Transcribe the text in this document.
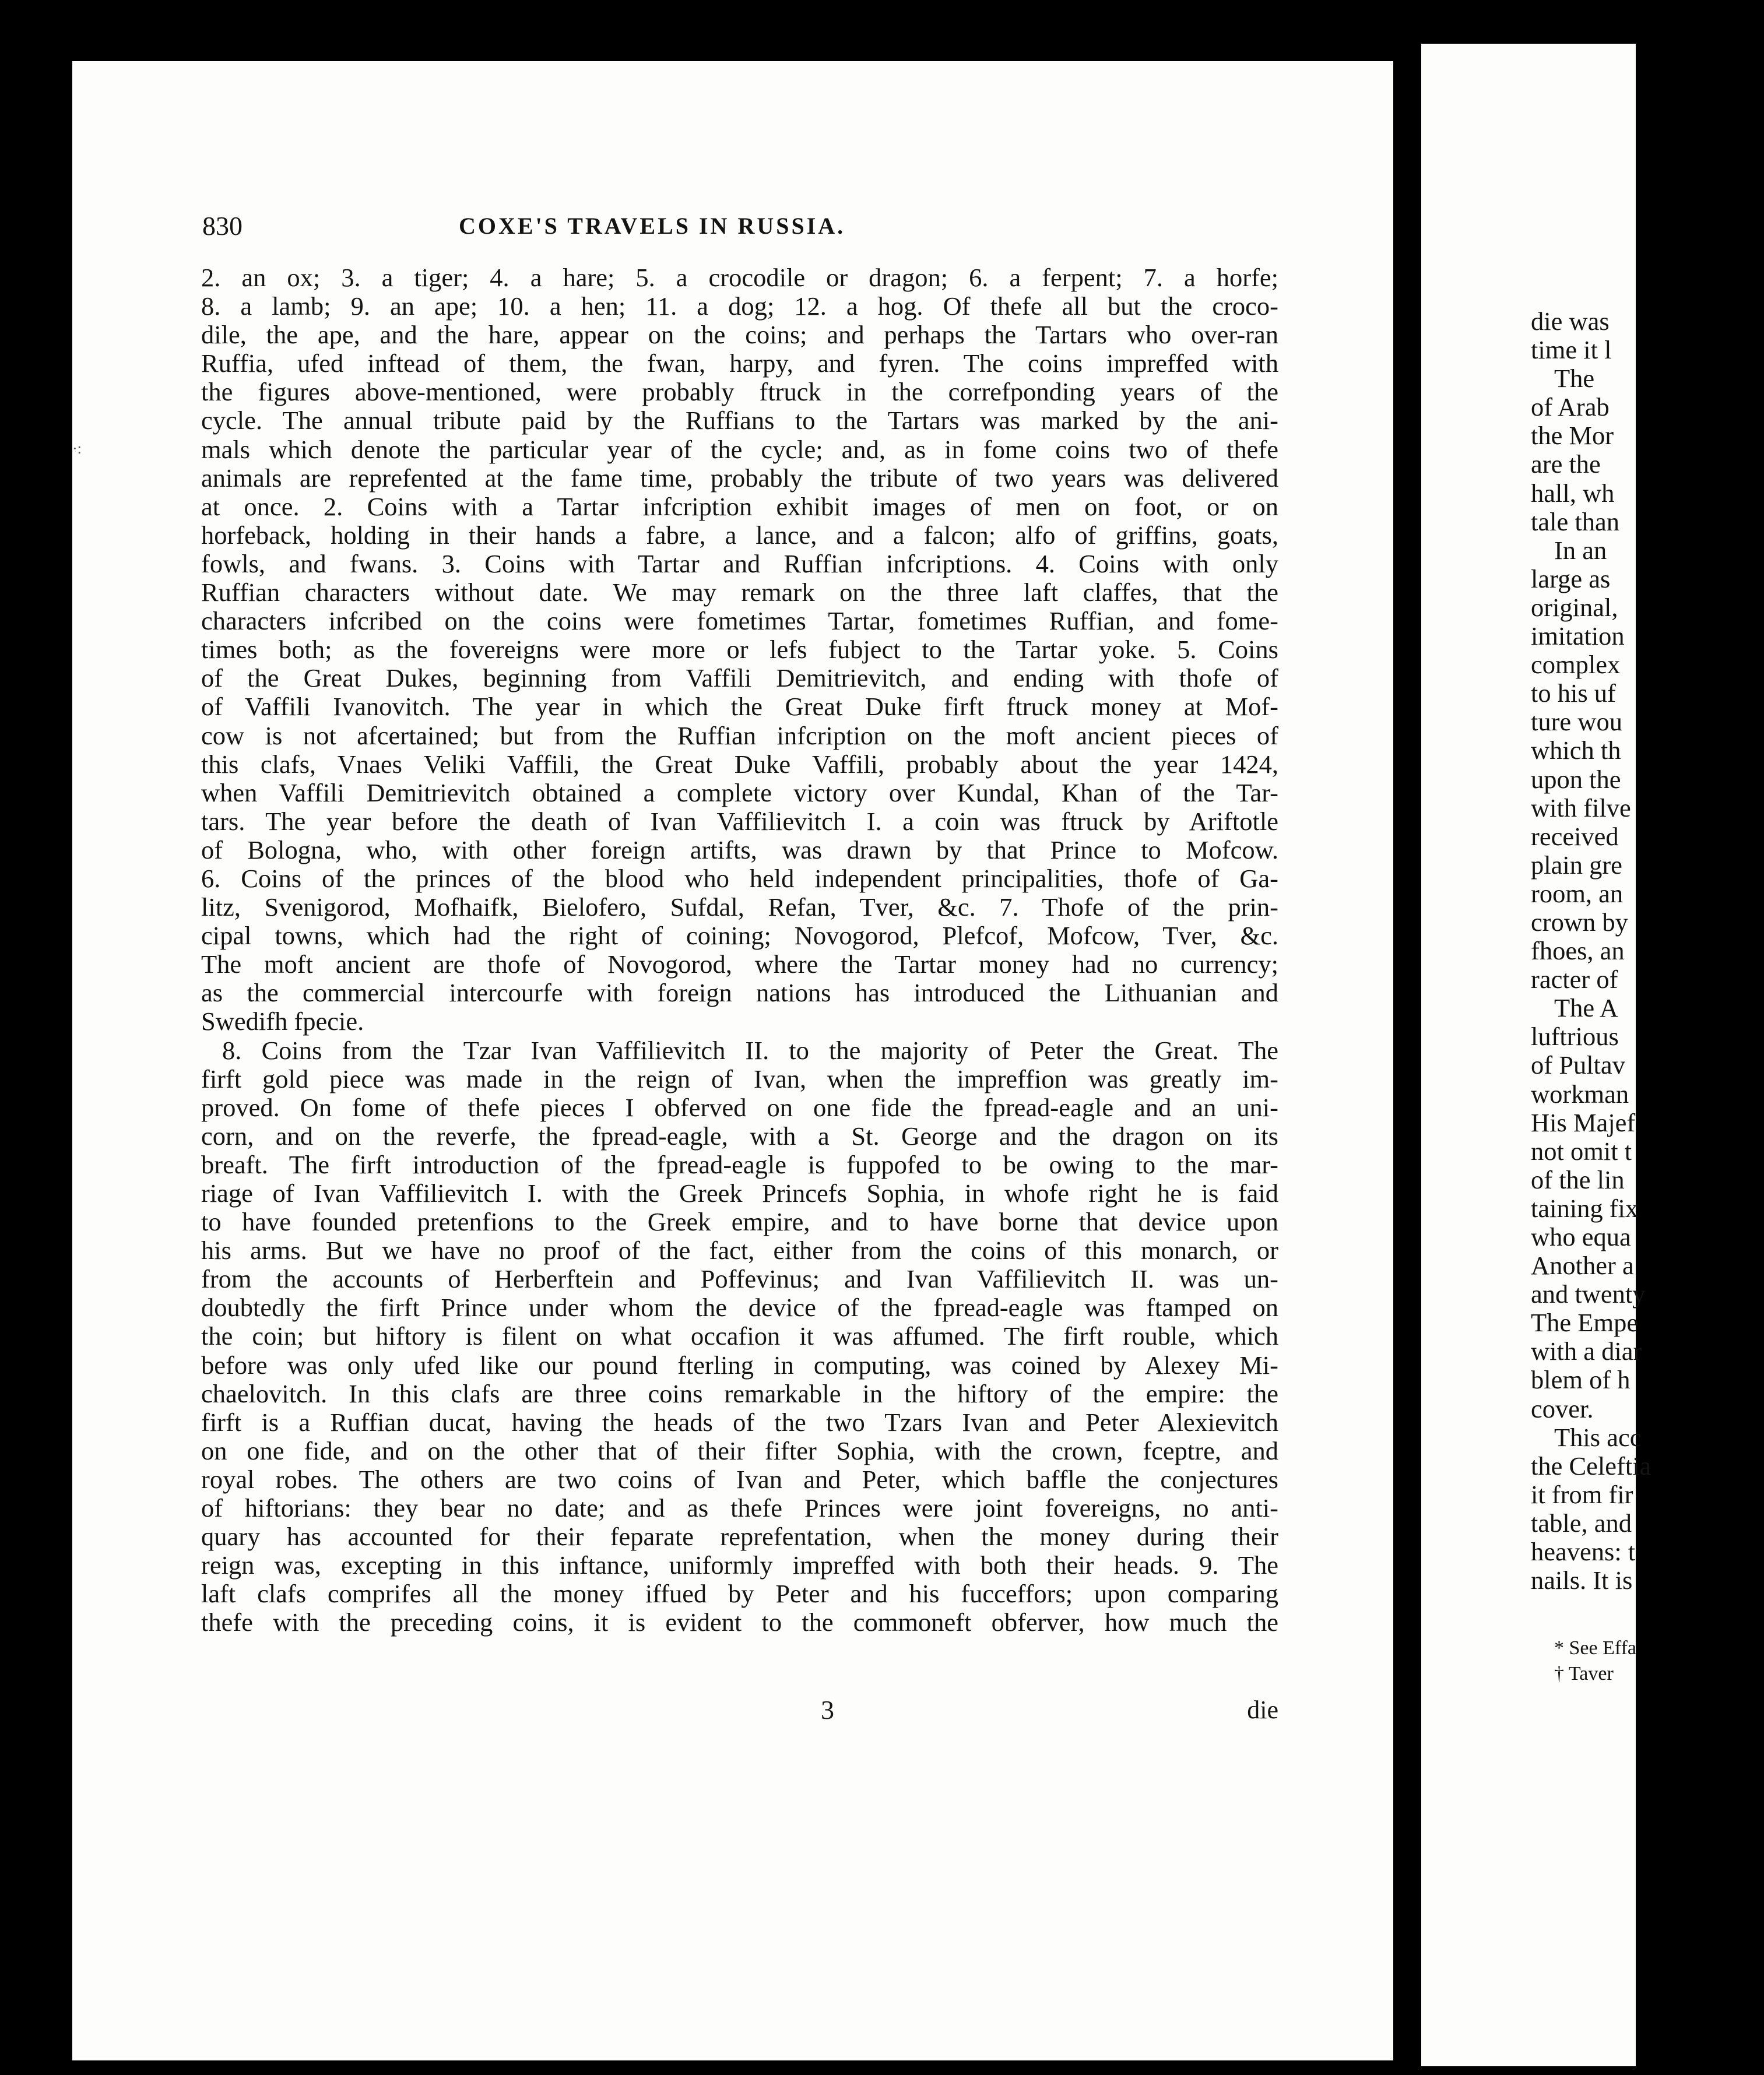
·:
830	COXE'S TRAVELS IN RUSSIA.
2. an ox; 3. a tiger; 4. a hare; 5. a crocodile or dragon; 6. a ferpent; 7. a horfe;
8. a lamb; 9. an ape; 10. a hen; 11. a dog; 12. a hog. Of thefe all but the croco-
dile, the ape, and the hare, appear on the coins; and perhaps the Tartars who over-ran
Ruffia, ufed inftead of them, the fwan, harpy, and fyren. The coins impreffed with
the figures above-mentioned, were probably ftruck in the correfponding years of the
cycle. The annual tribute paid by the Ruffians to the Tartars was marked by the ani-
mals which denote the particular year of the cycle; and, as in fome coins two of thefe
animals are reprefented at the fame time, probably the tribute of two years was delivered
at once. 2. Coins with a Tartar infcription exhibit images of men on foot, or on
horfeback, holding in their hands a fabre, a lance, and a falcon; alfo of griffins, goats,
fowls, and fwans. 3. Coins with Tartar and Ruffian infcriptions. 4. Coins with only
Ruffian characters without date. We may remark on the three laft claffes, that the
characters infcribed on the coins were fometimes Tartar, fometimes Ruffian, and fome-
times both; as the fovereigns were more or lefs fubject to the Tartar yoke. 5. Coins
of the Great Dukes, beginning from Vaffili Demitrievitch, and ending with thofe of
of Vaffili Ivanovitch. The year in which the Great Duke firft ftruck money at Mof-
cow is not afcertained; but from the Ruffian infcription on the moft ancient pieces of
this clafs, Vnaes Veliki Vaffili, the Great Duke Vaffili, probably about the year 1424,
when Vaffili Demitrievitch obtained a complete victory over Kundal, Khan of the Tar-
tars. The year before the death of Ivan Vaffilievitch I. a coin was ftruck by Ariftotle
of Bologna, who, with other foreign artifts, was drawn by that Prince to Mofcow.
6. Coins of the princes of the blood who held independent principalities, thofe of Ga-
litz, Svenigorod, Mofhaifk, Bielofero, Sufdal, Refan, Tver, &c. 7. Thofe of the prin-
cipal towns, which had the right of coining; Novogorod, Plefcof, Mofcow, Tver, &c.
The moft ancient are thofe of Novogorod, where the Tartar money had no currency;
as the commercial intercourfe with foreign nations has introduced the Lithuanian and
Swedifh fpecie.
8. Coins from the Tzar Ivan Vaffilievitch II. to the majority of Peter the Great. The
firft gold piece was made in the reign of Ivan, when the impreffion was greatly im-
proved. On fome of thefe pieces I obferved on one fide the fpread-eagle and an uni-
corn, and on the reverfe, the fpread-eagle, with a St. George and the dragon on its
breaft. The firft introduction of the fpread-eagle is fuppofed to be owing to the mar-
riage of Ivan Vaffilievitch I. with the Greek Princefs Sophia, in whofe right he is faid
to have founded pretenfions to the Greek empire, and to have borne that device upon
his arms. But we have no proof of the fact, either from the coins of this monarch, or
from the accounts of Herberftein and Poffevinus; and Ivan Vaffilievitch II. was un-
doubtedly the firft Prince under whom the device of the fpread-eagle was ftamped on
the coin; but hiftory is filent on what occafion it was affumed. The firft rouble, which
before was only ufed like our pound fterling in computing, was coined by Alexey Mi-
chaelovitch. In this clafs are three coins remarkable in the hiftory of the empire: the
firft is a Ruffian ducat, having the heads of the two Tzars Ivan and Peter Alexievitch
on one fide, and on the other that of their fifter Sophia, with the crown, fceptre, and
royal robes. The others are two coins of Ivan and Peter, which baffle the conjectures
of hiftorians: they bear no date; and as thefe Princes were joint fovereigns, no anti-
quary has accounted for their feparate reprefentation, when the money during their
reign was, excepting in this inftance, uniformly impreffed with both their heads. 9. The
laft clafs comprifes all the money iffued by Peter and his fucceffors; upon comparing
thefe with the preceding coins, it is evident to the commoneft obferver, how much the
3	die
die was
time it l
The
of Arab
the Mor
are the
hall, wh
tale than
In an
large as
original,
imitation
complex
to his uf
ture wou
which th
upon the
with filve
received
plain gre
room, an
crown by
fhoes, an
racter of
The A
luftrious
of Pultav
workman
His Majef
not omit t
of the lin
taining fix
who equa
Another a
and twenty
The Empe
with a diar
blem of h
cover.
This acc
the Celeftia
it from fir
table, and
heavens: t
nails. It is
* See Effa
† Taver
